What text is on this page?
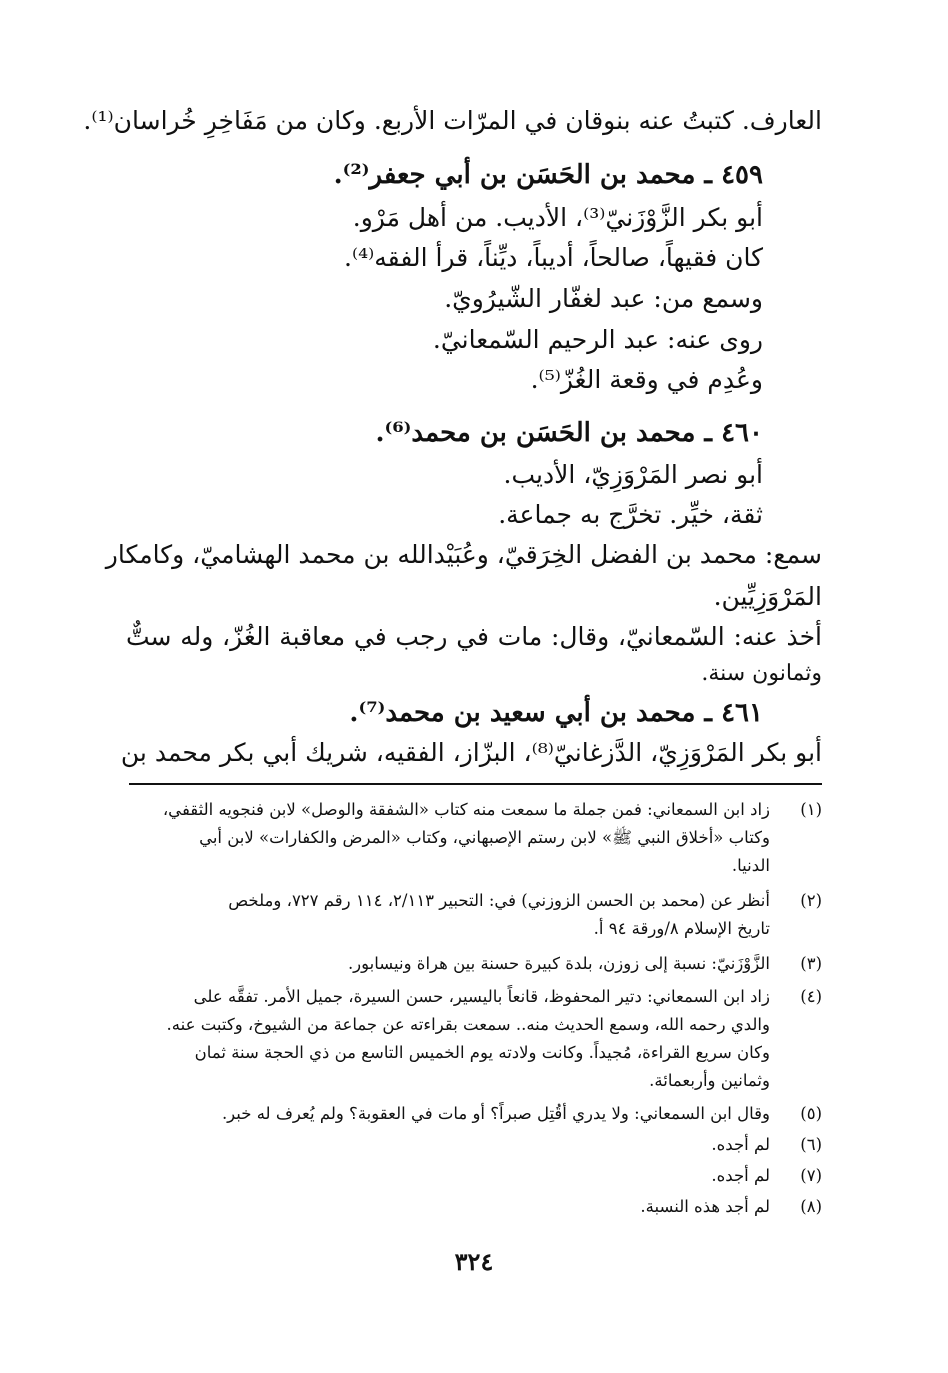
العارف. كتبتُ عنه بنوقان في المرّات الأربع. وكان من مَفَاخِرِ خُراسان⁽¹⁾.
٤٥٩ ـ محمد بن الحَسَن بن أبي جعفر⁽²⁾.
أبو بكر الزَّوْزَنيّ⁽³⁾، الأديب. من أهل مَرْو.
كان فقيهاً، صالحاً، أديباً، ديِّناً، قرأ الفقه⁽⁴⁾.
وسمع من: عبد لغفّار الشّيرُويّ.
روى عنه: عبد الرحيم السّمعانيّ.
وعُدِم في وقعة الغُزّ⁽⁵⁾.
٤٦٠ ـ محمد بن الحَسَن بن محمد⁽⁶⁾.
أبو نصر المَرْوَزِيّ، الأديب.
ثقة، خيِّر. تخرَّج به جماعة.
سمع: محمد بن الفضل الخِرَقيّ، وعُبَيْدالله بن محمد الهشاميّ، وكامكار
المَرْوَزِيِّين.
أخذ عنه: السّمعانيّ، وقال: مات في رجب في معاقبة الغُزّ، وله ستٌّ
وثمانون سنة.
٤٦١ ـ محمد بن أبي سعيد بن محمد⁽⁷⁾.
أبو بكر المَرْوَزِيّ، الدَّزغانيّ⁽⁸⁾، البزّاز، الفقيه، شريك أبي بكر محمد بن
(١)
زاد ابن السمعاني: فمن جملة ما سمعت منه كتاب «الشفقة والوصل» لابن فنجويه الثقفي،
وكتاب «أخلاق النبي ﷺ» لابن رستم الإصبهاني، وكتاب «المرض والكفارات» لابن أبي
الدنيا.
(٢)
أنظر عن (محمد بن الحسن الزوزني) في: التحبير ٢/١١٣، ١١٤ رقم ٧٢٧، وملخص
تاريخ الإسلام ٨/ورقة ٩٤ أ.
(٣)
الزَّوْزَنيّ: نسبة إلى زوزن، بلدة كبيرة حسنة بين هراة ونيسابور.
(٤)
زاد ابن السمعاني: دتير المحفوظ، قانعاً باليسير، حسن السيرة، جميل الأمر. تفقَّه على
والدي رحمه الله، وسمع الحديث منه.. سمعت بقراءته عن جماعة من الشيوخ، وكتبت عنه.
وكان سريع القراءة، مُجيداً. وكانت ولادته يوم الخميس التاسع من ذي الحجة سنة ثمان
وثمانين وأربعمائة.
(٥)
وقال ابن السمعاني: ولا يدري أقُتِل صبراً؟ أو مات في العقوبة؟ ولم يُعرف له خبر.
(٦)
لم أجده.
(٧)
لم أجده.
(٨)
لم أجد هذه النسبة.
٣٢٤
